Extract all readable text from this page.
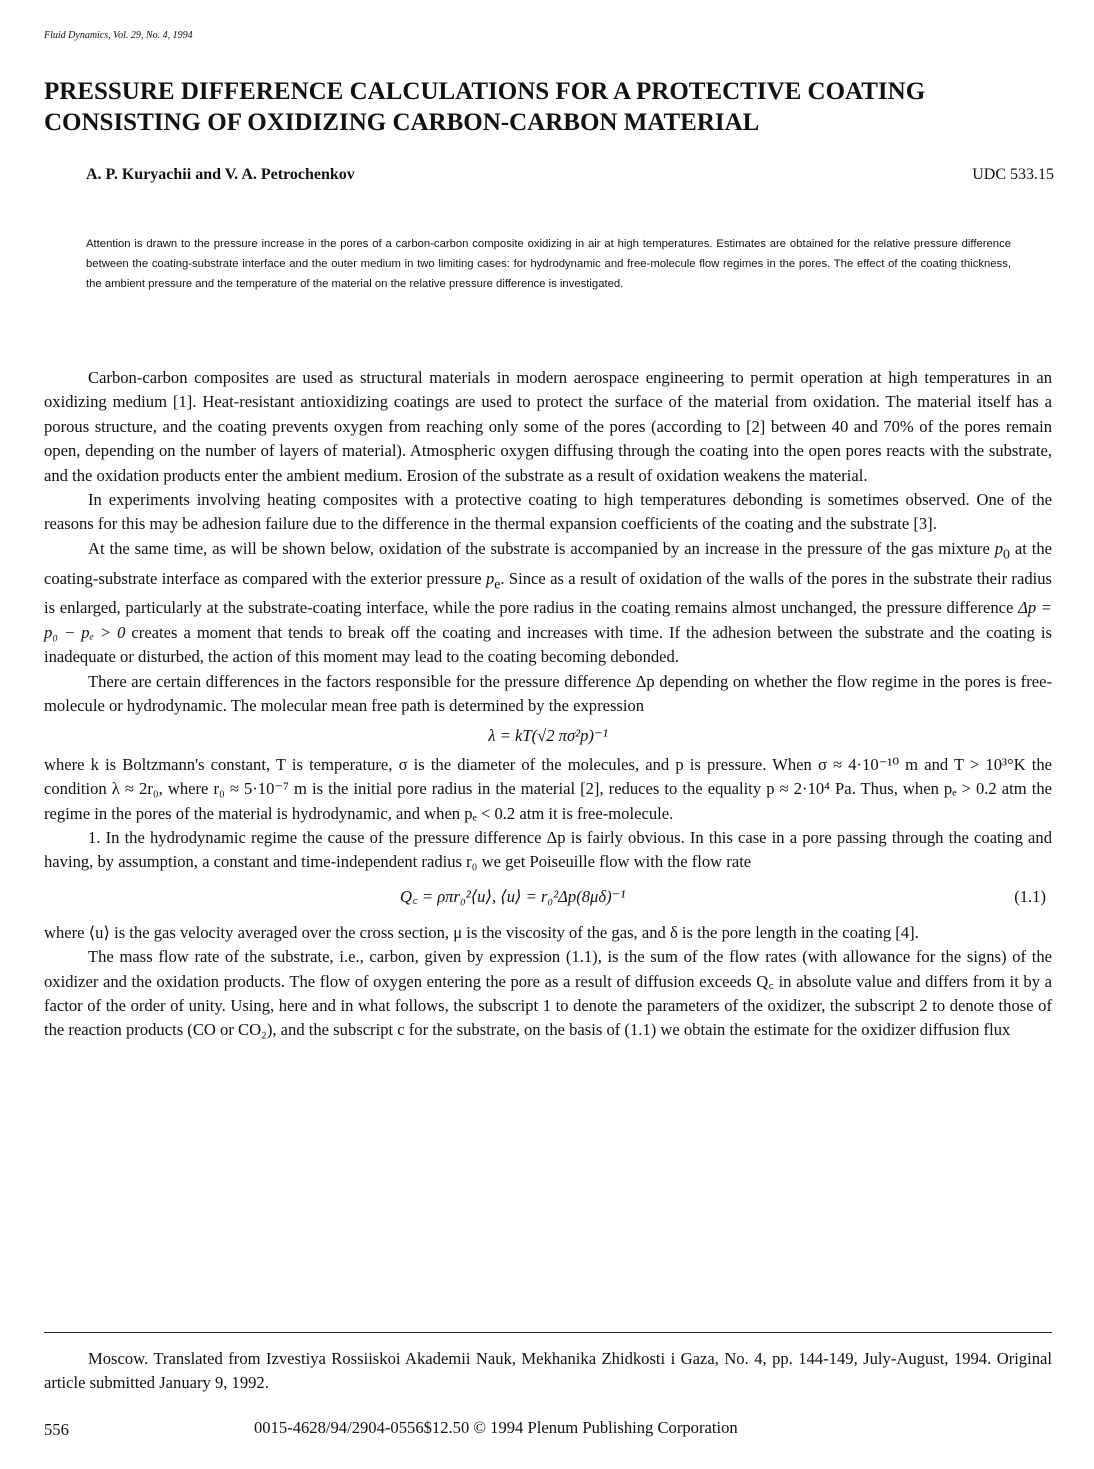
Fluid Dynamics, Vol. 29, No. 4, 1994
PRESSURE DIFFERENCE CALCULATIONS FOR A PROTECTIVE COATING
CONSISTING OF OXIDIZING CARBON-CARBON MATERIAL
A. P. Kuryachii and V. A. Petrochenkov	UDC 533.15

Attention is drawn to the pressure increase in the pores of a carbon-carbon composite oxidizing in air at high temperatures. Estimates are obtained for the relative pressure difference between the coating-substrate interface and the outer medium in two limiting cases: for hydrodynamic and free-molecule flow regimes in the pores. The effect of the coating thickness, the ambient pressure and the temperature of the material on the relative pressure difference is investigated.

Carbon-carbon composites are used as structural materials in modern aerospace engineering to permit operation at high temperatures in an oxidizing medium [1]. Heat-resistant antioxidizing coatings are used to protect the surface of the material from oxidation. The material itself has a porous structure, and the coating prevents oxygen from reaching only some of the pores (according to [2] between 40 and 70% of the pores remain open, depending on the number of layers of material). Atmospheric oxygen diffusing through the coating into the open pores reacts with the substrate, and the oxidation products enter the ambient medium. Erosion of the substrate as a result of oxidation weakens the material.

In experiments involving heating composites with a protective coating to high temperatures debonding is sometimes observed. One of the reasons for this may be adhesion failure due to the difference in the thermal expansion coefficients of the coating and the substrate [3].

At the same time, as will be shown below, oxidation of the substrate is accompanied by an increase in the pressure of the gas mixture $p_0$ at the coating-substrate interface as compared with the exterior pressure $p_e$. Since as a result of oxidation of the walls of the pores in the substrate their radius is enlarged, particularly at the substrate-coating interface, while the pore radius in the coating remains almost unchanged, the pressure difference Δp = p₀ − pₑ > 0 creates a moment that tends to break off the coating and increases with time. If the adhesion between the substrate and the coating is inadequate or disturbed, the action of this moment may lead to the coating becoming debonded.

There are certain differences in the factors responsible for the pressure difference Δp depending on whether the flow regime in the pores is free-molecule or hydrodynamic. The molecular mean free path is determined by the expression

λ = kT(√2 πσ²p)⁻¹

where k is Boltzmann's constant, T is temperature, σ is the diameter of the molecules, and p is pressure. When σ ≈ 4·10⁻¹⁰ m and T > 10³°K the condition λ ≈ 2r₀, where r₀ ≈ 5·10⁻⁷ m is the initial pore radius in the material [2], reduces to the equality p ≈ 2·10⁴ Pa. Thus, when pₑ > 0.2 atm the regime in the pores of the material is hydrodynamic, and when pₑ < 0.2 atm it is free-molecule.

1. In the hydrodynamic regime the cause of the pressure difference Δp is fairly obvious. In this case in a pore passing through the coating and having, by assumption, a constant and time-independent radius r₀ we get Poiseuille flow with the flow rate

Q꜀ = ρπr₀²⟨u⟩, ⟨u⟩ = r₀²Δp(8μδ)⁻¹	(1.1)

where ⟨u⟩ is the gas velocity averaged over the cross section, μ is the viscosity of the gas, and δ is the pore length in the coating [4].

The mass flow rate of the substrate, i.e., carbon, given by expression (1.1), is the sum of the flow rates (with allowance for the signs) of the oxidizer and the oxidation products. The flow of oxygen entering the pore as a result of diffusion exceeds Q꜀ in absolute value and differs from it by a factor of the order of unity. Using, here and in what follows, the subscript 1 to denote the parameters of the oxidizer, the subscript 2 to denote those of the reaction products (CO or CO₂), and the subscript c for the substrate, on the basis of (1.1) we obtain the estimate for the oxidizer diffusion flux

Moscow. Translated from Izvestiya Rossiiskoi Akademii Nauk, Mekhanika Zhidkosti i Gaza, No. 4, pp. 144-149, July-August, 1994. Original article submitted January 9, 1992.

556	0015-4628/94/2904-0556$12.50 © 1994 Plenum Publishing Corporation
